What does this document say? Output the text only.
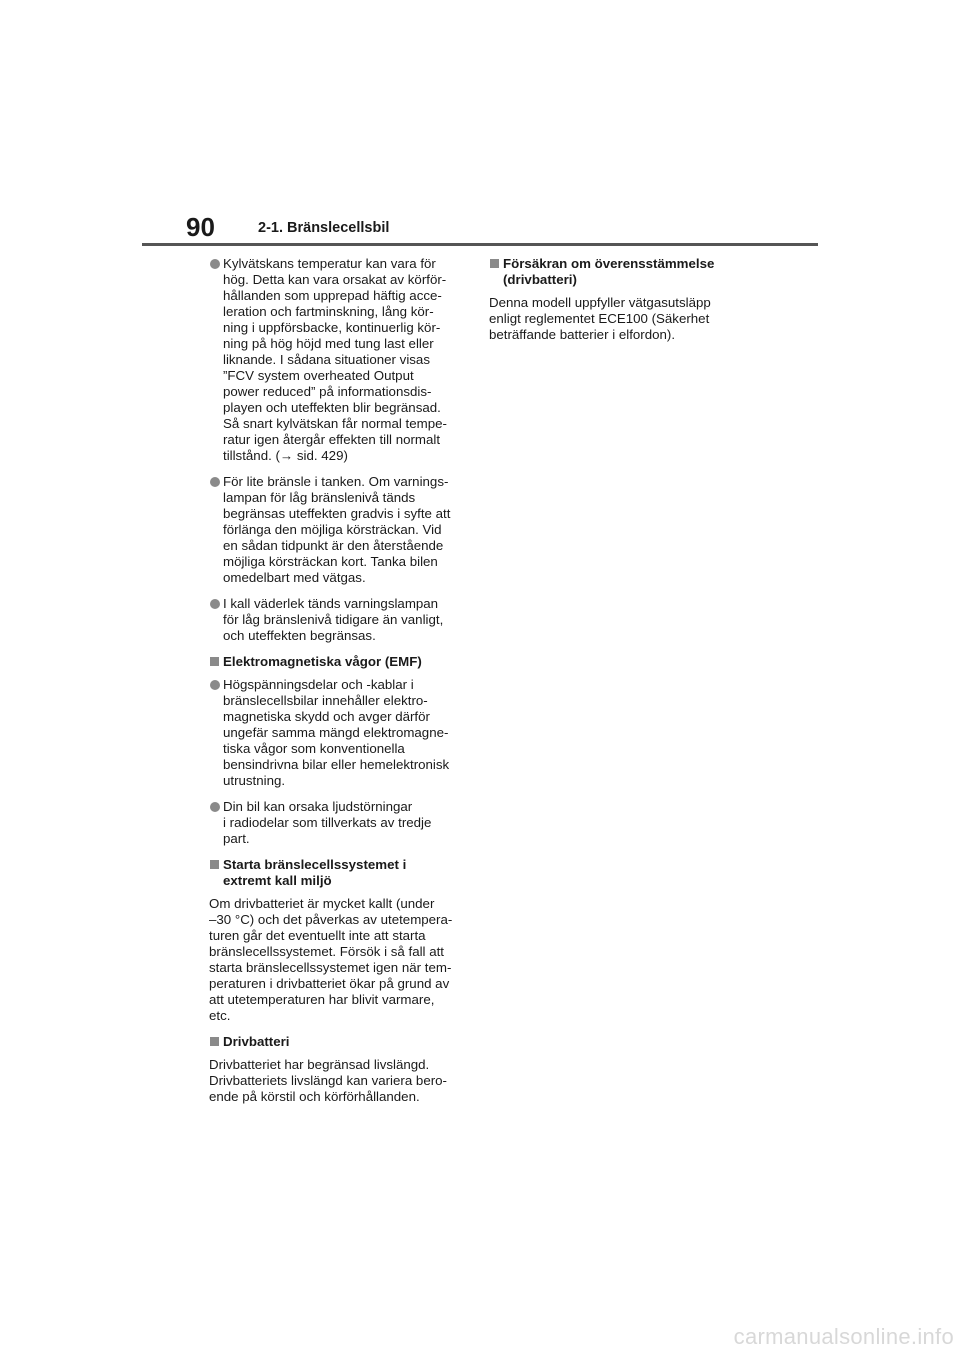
90	2-1. Bränslecellsbil
Kylvätskans temperatur kan vara för
hög. Detta kan vara orsakat av körför-
hållanden som upprepad häftig acce-
leration och fartminskning, lång kör-
ning i uppförsbacke, kontinuerlig kör-
ning på hög höjd med tung last eller
liknande. I sådana situationer visas
”FCV system overheated Output
power reduced” på informationsdis-
playen och uteffekten blir begränsad.
Så snart kylvätskan får normal tempe-
ratur igen återgår effekten till normalt
tillstånd. (→ sid. 429)
För lite bränsle i tanken. Om varnings-
lampan för låg bränslenivå tänds
begränsas uteffekten gradvis i syfte att
förlänga den möjliga körsträckan. Vid
en sådan tidpunkt är den återstående
möjliga körsträckan kort. Tanka bilen
omedelbart med vätgas.
I kall väderlek tänds varningslampan
för låg bränslenivå tidigare än vanligt,
och uteffekten begränsas.
Elektromagnetiska vågor (EMF)
Högspänningsdelar och -kablar i
bränslecellsbilar innehåller elektro-
magnetiska skydd och avger därför
ungefär samma mängd elektromagne-
tiska vågor som konventionella
bensindrivna bilar eller hemelektronisk
utrustning.
Din bil kan orsaka ljudstörningar
i radiodelar som tillverkats av tredje
part.
Starta bränslecellssystemet i
extremt kall miljö
Om drivbatteriet är mycket kallt (under
–30 °C) och det påverkas av utetempera-
turen går det eventuellt inte att starta
bränslecellssystemet. Försök i så fall att
starta bränslecellssystemet igen när tem-
peraturen i drivbatteriet ökar på grund av
att utetemperaturen har blivit varmare,
etc.
Drivbatteri
Drivbatteriet har begränsad livslängd.
Drivbatteriets livslängd kan variera bero-
ende på körstil och körförhållanden.
Försäkran om överensstämmelse
(drivbatteri)
Denna modell uppfyller vätgasutsläpp
enligt reglementet ECE100 (Säkerhet
beträffande batterier i elfordon).
carmanualsonline.info
